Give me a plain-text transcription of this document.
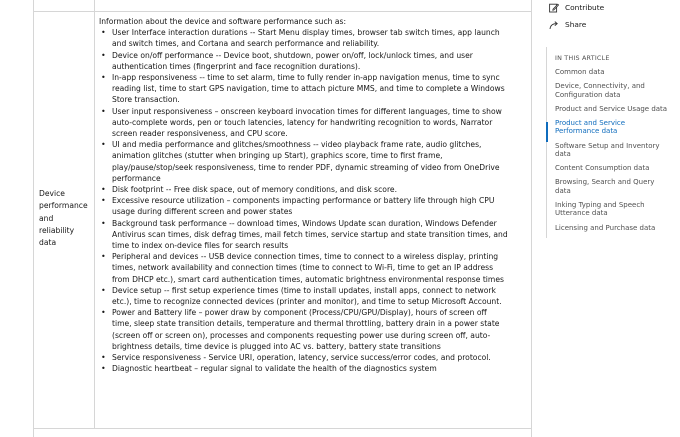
Device
performance
and
reliability
data
Information about the device and software performance such as:
• User Interface interaction durations -- Start Menu display times, browser tab switch times, app launch
and switch times, and Cortana and search performance and reliability.
• Device on/off performance -- Device boot, shutdown, power on/off, lock/unlock times, and user
authentication times (fingerprint and face recognition durations).
• In-app responsiveness -- time to set alarm, time to fully render in-app navigation menus, time to sync
reading list, time to start GPS navigation, time to attach picture MMS, and time to complete a Windows
Store transaction.
• User input responsiveness – onscreen keyboard invocation times for different languages, time to show
auto-complete words, pen or touch latencies, latency for handwriting recognition to words, Narrator
screen reader responsiveness, and CPU score.
• UI and media performance and glitches/smoothness -- video playback frame rate, audio glitches,
animation glitches (stutter when bringing up Start), graphics score, time to first frame,
play/pause/stop/seek responsiveness, time to render PDF, dynamic streaming of video from OneDrive
performance
• Disk footprint -- Free disk space, out of memory conditions, and disk score.
• Excessive resource utilization – components impacting performance or battery life through high CPU
usage during different screen and power states
• Background task performance -- download times, Windows Update scan duration, Windows Defender
Antivirus scan times, disk defrag times, mail fetch times, service startup and state transition times, and
time to index on-device files for search results
• Peripheral and devices -- USB device connection times, time to connect to a wireless display, printing
times, network availability and connection times (time to connect to Wi-Fi, time to get an IP address
from DHCP etc.), smart card authentication times, automatic brightness environmental response times
• Device setup -- first setup experience times (time to install updates, install apps, connect to network
etc.), time to recognize connected devices (printer and monitor), and time to setup Microsoft Account.
• Power and Battery life – power draw by component (Process/CPU/GPU/Display), hours of screen off
time, sleep state transition details, temperature and thermal throttling, battery drain in a power state
(screen off or screen on), processes and components requesting power use during screen off, auto-
brightness details, time device is plugged into AC vs. battery, battery state transitions
• Service responsiveness - Service URI, operation, latency, service success/error codes, and protocol.
• Diagnostic heartbeat – regular signal to validate the health of the diagnostics system
Contribute
Share
IN THIS ARTICLE
Common data
Device, Connectivity, and
Configuration data
Product and Service Usage data
Product and Service
Performance data
Software Setup and Inventory
data
Content Consumption data
Browsing, Search and Query
data
Inking Typing and Speech
Utterance data
Licensing and Purchase data
